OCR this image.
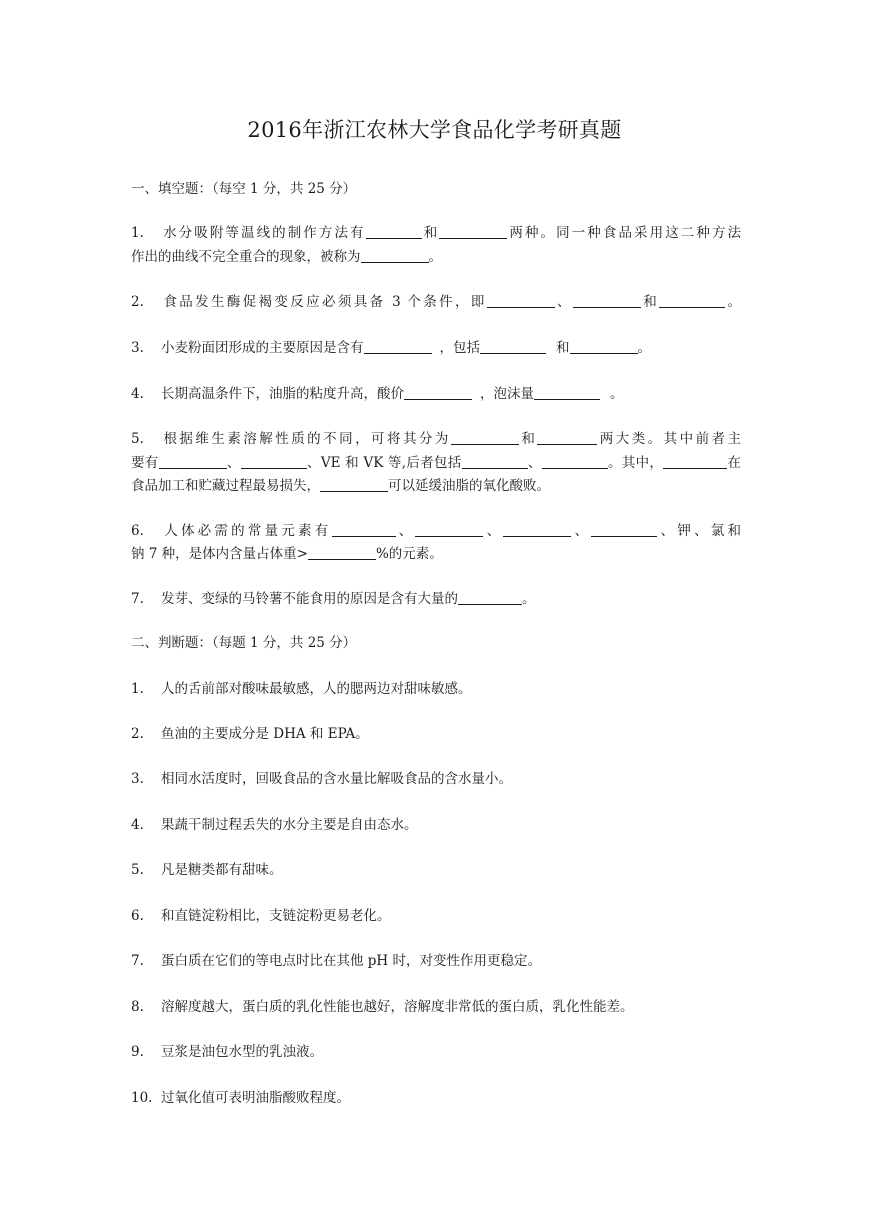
2016年浙江农林大学食品化学考研真题
一、填空题：（每空 1 分，共 25 分）
1. 水分吸附等温线的制作方法有	和	两种。同一种食品采用这二种方法
作出的曲线不完全重合的现象，被称为	。
2. 食品发生酶促褐变反应必须具备 3 个条件，即	、	和	。
3. 小麦粉面团形成的主要原因是含有	，包括	和	。
4. 长期高温条件下，油脂的粘度升高，酸价	，泡沫量	。
5. 根据维生素溶解性质的不同，可将其分为	和	两大类。其中前者主
要有	、	、VE 和 VK 等,后者包括	、	。其中，	在
食品加工和贮藏过程最易损失，	可以延缓油脂的氧化酸败。
6. 人体必需的常量元素有	、	、	、	、钾、氯和
钠 7 种，是体内含量占体重>	%的元素。
7. 发芽、变绿的马铃薯不能食用的原因是含有大量的	。
二、判断题：（每题 1 分，共 25 分）
1. 人的舌前部对酸味最敏感，人的腮两边对甜味敏感。
2. 鱼油的主要成分是 DHA 和 EPA。
3. 相同水活度时，回吸食品的含水量比解吸食品的含水量小。
4. 果蔬干制过程丢失的水分主要是自由态水。
5. 凡是糖类都有甜味。
6. 和直链淀粉相比，支链淀粉更易老化。
7. 蛋白质在它们的等电点时比在其他 pH 时，对变性作用更稳定。
8. 溶解度越大，蛋白质的乳化性能也越好，溶解度非常低的蛋白质，乳化性能差。
9. 豆浆是油包水型的乳浊液。
10. 过氧化值可表明油脂酸败程度。
